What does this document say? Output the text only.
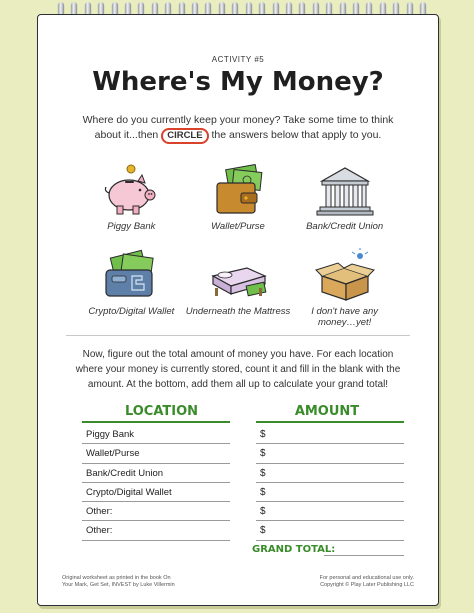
ACTIVITY #5
Where's My Money?
Where do you currently keep your money? Take some time to think about it...then CIRCLE the answers below that apply to you.
Piggy Bank	Wallet/Purse	Bank/Credit Union
Crypto/Digital Wallet	Underneath the Mattress	I don't have any money…yet!
Now, figure out the total amount of money you have. For each location where your money is currently stored, count it and fill in the blank with the amount. At the bottom, add them all up to calculate your grand total!
LOCATION	AMOUNT
Piggy Bank	$
Wallet/Purse	$
Bank/Credit Union	$
Crypto/Digital Wallet	$
Other:	$
Other:	$
GRAND TOTAL:
Original worksheet as printed in the book On
Your Mark, Get Set, INVEST by Luke Villermin
For personal and educational use only.
Copyright © Play Later Publishing LLC
